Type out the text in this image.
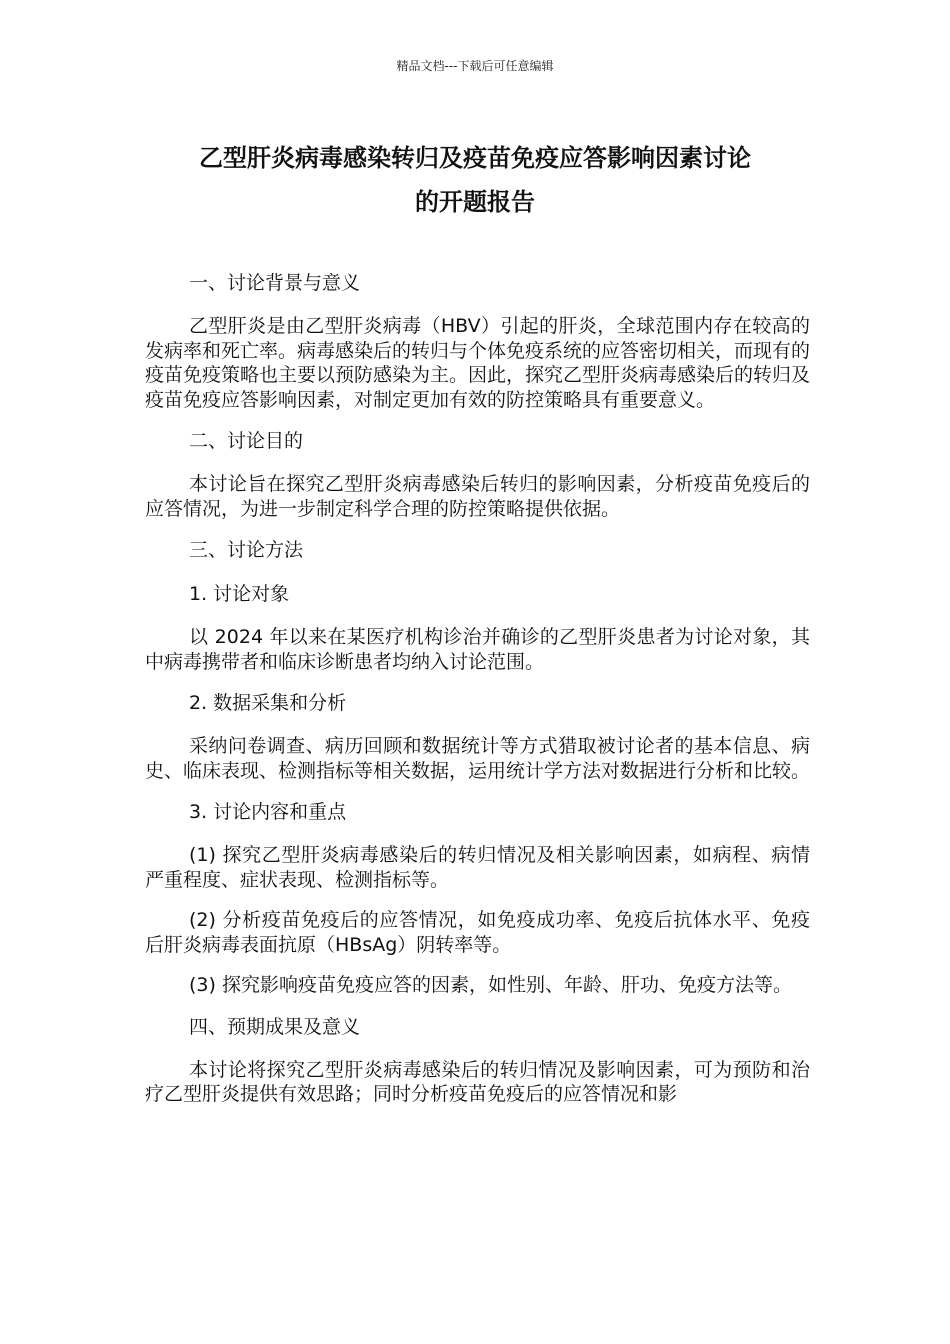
精品文档---下载后可任意编辑
乙型肝炎病毒感染转归及疫苗免疫应答影响因素讨论
的开题报告
一、讨论背景与意义
乙型肝炎是由乙型肝炎病毒（HBV）引起的肝炎，全球范围内存在较高的发病率和死亡率。病毒感染后的转归与个体免疫系统的应答密切相关，而现有的疫苗免疫策略也主要以预防感染为主。因此，探究乙型肝炎病毒感染后的转归及疫苗免疫应答影响因素，对制定更加有效的防控策略具有重要意义。
二、讨论目的
本讨论旨在探究乙型肝炎病毒感染后转归的影响因素，分析疫苗免疫后的应答情况，为进一步制定科学合理的防控策略提供依据。
三、讨论方法
1. 讨论对象
以 2024 年以来在某医疗机构诊治并确诊的乙型肝炎患者为讨论对象，其中病毒携带者和临床诊断患者均纳入讨论范围。
2. 数据采集和分析
采纳问卷调查、病历回顾和数据统计等方式猎取被讨论者的基本信息、病史、临床表现、检测指标等相关数据，运用统计学方法对数据进行分析和比较。
3. 讨论内容和重点
(1) 探究乙型肝炎病毒感染后的转归情况及相关影响因素，如病程、病情严重程度、症状表现、检测指标等。
(2) 分析疫苗免疫后的应答情况，如免疫成功率、免疫后抗体水平、免疫后肝炎病毒表面抗原（HBsAg）阴转率等。
(3) 探究影响疫苗免疫应答的因素，如性别、年龄、肝功、免疫方法等。
四、预期成果及意义
本讨论将探究乙型肝炎病毒感染后的转归情况及影响因素，可为预防和治疗乙型肝炎提供有效思路；同时分析疫苗免疫后的应答情况和影
